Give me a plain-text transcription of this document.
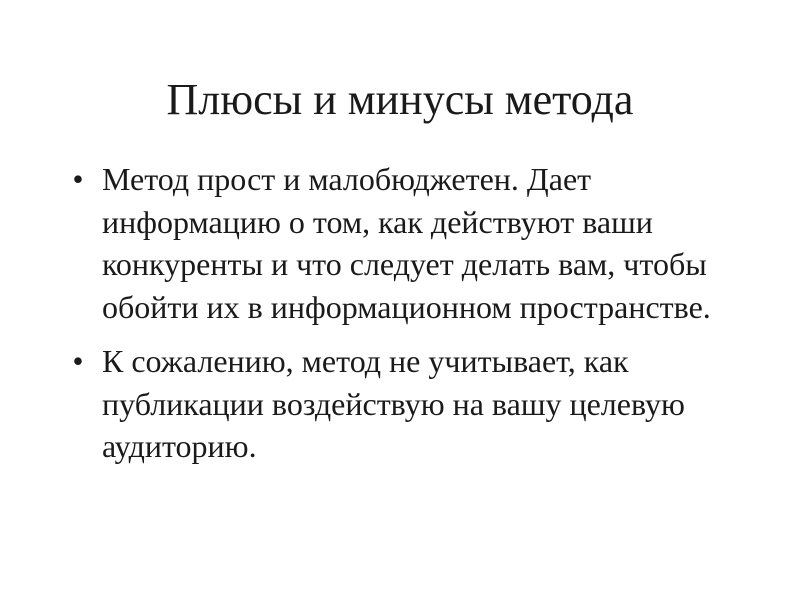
Плюсы и минусы метода
• Метод прост и малобюджетен. Дает информацию о том, как действуют ваши конкуренты и что следует делать вам, чтобы обойти их в информационном пространстве.
• К сожалению, метод не учитывает, как публикации воздействую на вашу целевую аудиторию.
